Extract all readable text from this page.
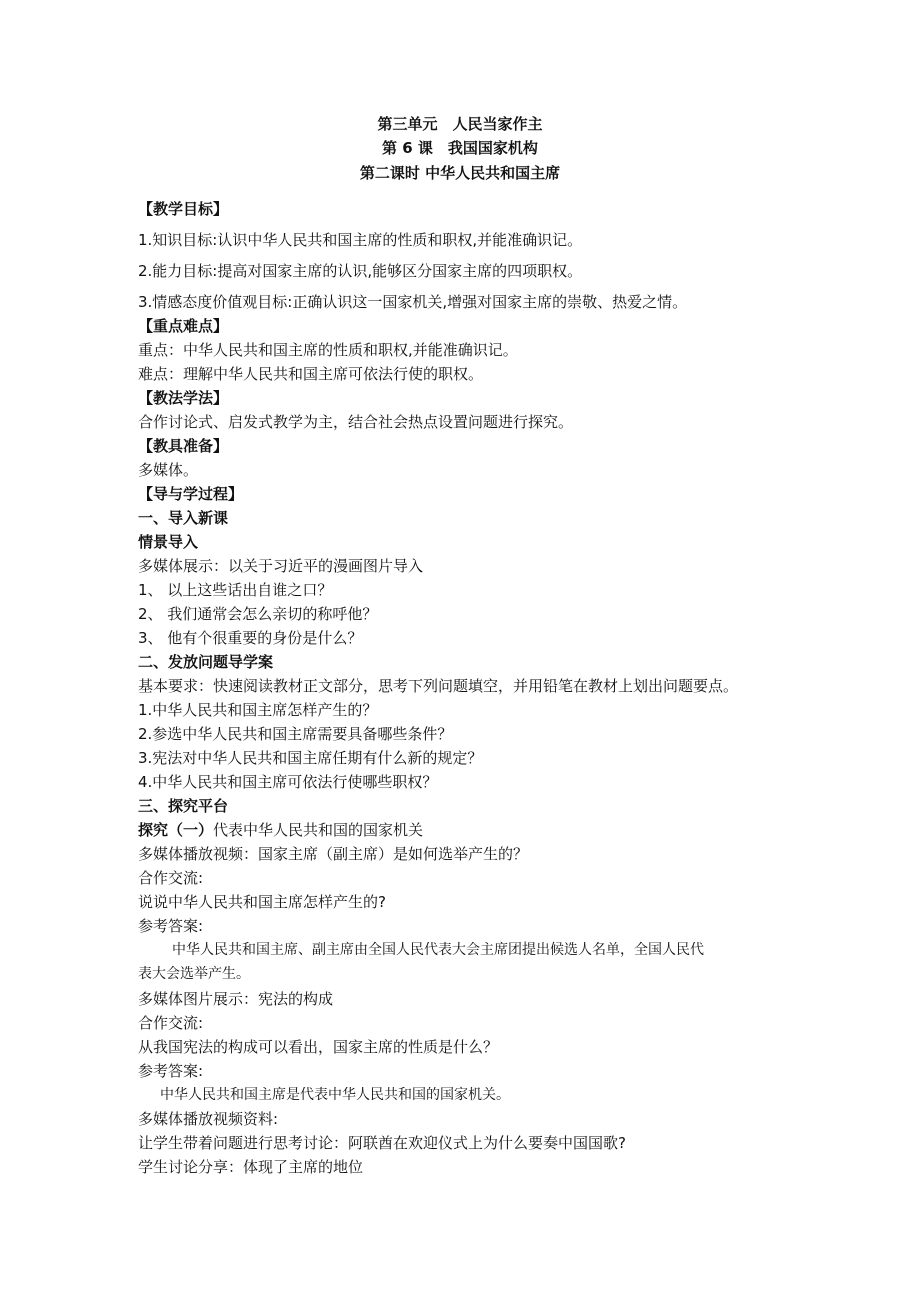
第三单元　人民当家作主
第 6 课　我国国家机构
第二课时 中华人民共和国主席
【教学目标】
1.知识目标:认识中华人民共和国主席的性质和职权,并能准确识记。
2.能力目标:提高对国家主席的认识,能够区分国家主席的四项职权。
3.情感态度价值观目标:正确认识这一国家机关,增强对国家主席的崇敬、热爱之情。
【重点难点】
重点：中华人民共和国主席的性质和职权,并能准确识记。
难点：理解中华人民共和国主席可依法行使的职权。
【教法学法】
合作讨论式、启发式教学为主，结合社会热点设置问题进行探究。
【教具准备】
多媒体。
【导与学过程】
一、导入新课
情景导入
多媒体展示：以关于习近平的漫画图片导入
1、 以上这些话出自谁之口？
2、 我们通常会怎么亲切的称呼他？
3、 他有个很重要的身份是什么？
二、发放问题导学案
基本要求：快速阅读教材正文部分，思考下列问题填空，并用铅笔在教材上划出问题要点。
1.中华人民共和国主席怎样产生的？
2.参选中华人民共和国主席需要具备哪些条件？
3.宪法对中华人民共和国主席任期有什么新的规定？
4.中华人民共和国主席可依法行使哪些职权？
三、探究平台
探究（一）代表中华人民共和国的国家机关
多媒体播放视频：国家主席（副主席）是如何选举产生的？
合作交流:
说说中华人民共和国主席怎样产生的?
参考答案:
中华人民共和国主席、副主席由全国人民代表大会主席团提出候选人名单，全国人民代
表大会选举产生。
多媒体图片展示：宪法的构成
合作交流:
从我国宪法的构成可以看出，国家主席的性质是什么？
参考答案:
中华人民共和国主席是代表中华人民共和国的国家机关。
多媒体播放视频资料:
让学生带着问题进行思考讨论：阿联酋在欢迎仪式上为什么要奏中国国歌?
学生讨论分享：体现了主席的地位
